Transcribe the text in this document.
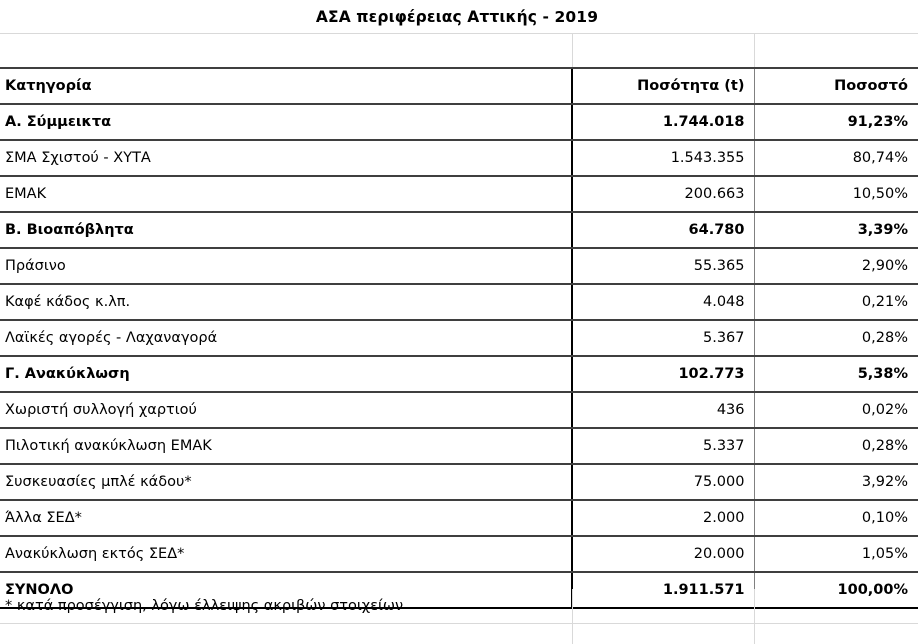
ΑΣΑ περιφέρειας Αττικής - 2019
Κατηγορία	Ποσότητα (t)	Ποσοστό
Α. Σύμμεικτα	1.744.018	91,23%
ΣΜΑ Σχιστού - ΧΥΤΑ	1.543.355	80,74%
ΕΜΑΚ	200.663	10,50%
Β. Βιοαπόβλητα	64.780	3,39%
Πράσινο	55.365	2,90%
Καφέ κάδος κ.λπ.	4.048	0,21%
Λαϊκές αγορές - Λαχαναγορά	5.367	0,28%
Γ. Ανακύκλωση	102.773	5,38%
Χωριστή συλλογή χαρτιού	436	0,02%
Πιλοτική ανακύκλωση ΕΜΑΚ	5.337	0,28%
Συσκευασίες μπλέ κάδου*	75.000	3,92%
Άλλα ΣΕΔ*	2.000	0,10%
Ανακύκλωση εκτός ΣΕΔ*	20.000	1,05%
ΣΥΝΟΛΟ	1.911.571	100,00%
* κατά προσέγγιση, λόγω έλλειψης ακριβών στοιχείων
